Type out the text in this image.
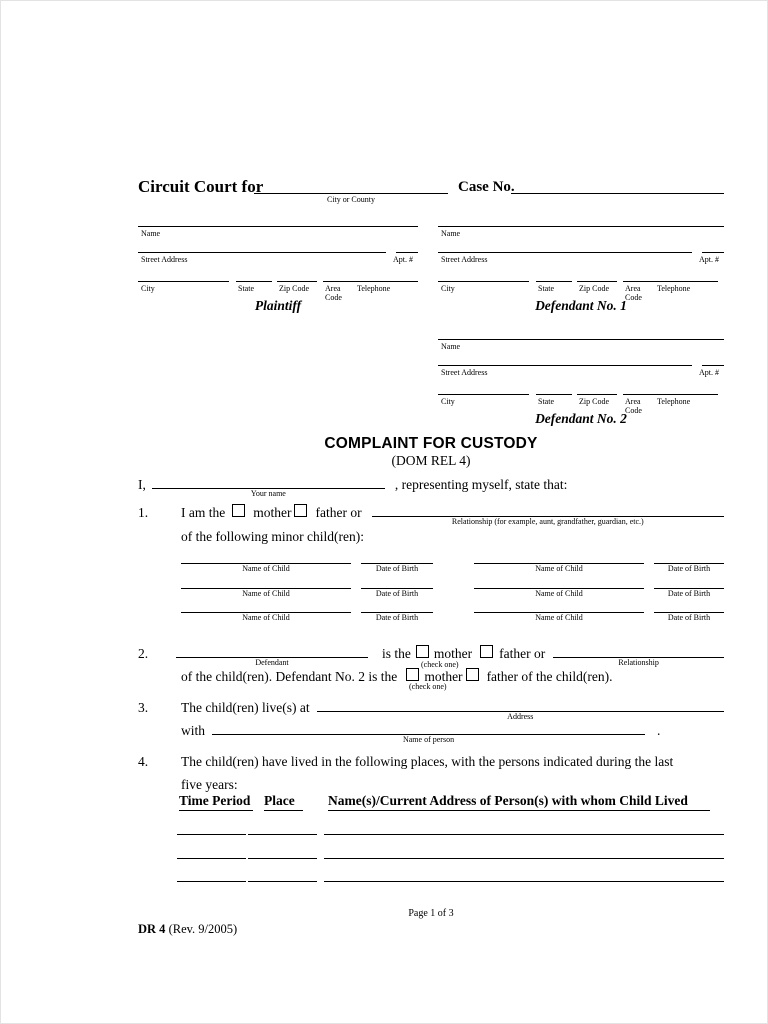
Circuit Court for
City or County
Case No.
Name
Street Address	Apt. #
City	State	Zip Code Area Code
Telephone
Plaintiff
Name
Street Address	Apt. #
City	State	Zip Code Area Code
Telephone
Defendant No. 1
Name
Street Address	Apt. #
City	State	Zip Code Area Code
Telephone
Defendant No. 2
COMPLAINT FOR CUSTODY
(DOM REL 4)
I,
Your name
, representing myself, state that:
1.	I am the mother father or
Relationship (for example, aunt, grandfather, guardian, etc.)
of the following minor child(ren):
Name of Child	Date of Birth	Name of Child	Date of Birth
Name of Child	Date of Birth	Name of Child	Date of Birth
Name of Child	Date of Birth	Name of Child	Date of Birth
2.
Defendant
is the mother father or
Relationship
(check one)
of the child(ren). Defendant No. 2 is the mother father of the child(ren).
(check one)
3.	The child(ren) live(s) at
Address
with
Name of person
.
4.	The child(ren) have lived in the following places, with the persons indicated during the last
five years:
Time Period Place	Name(s)/Current Address of Person(s) with whom Child Lived
Page 1 of 3
DR 4 (Rev. 9/2005)
